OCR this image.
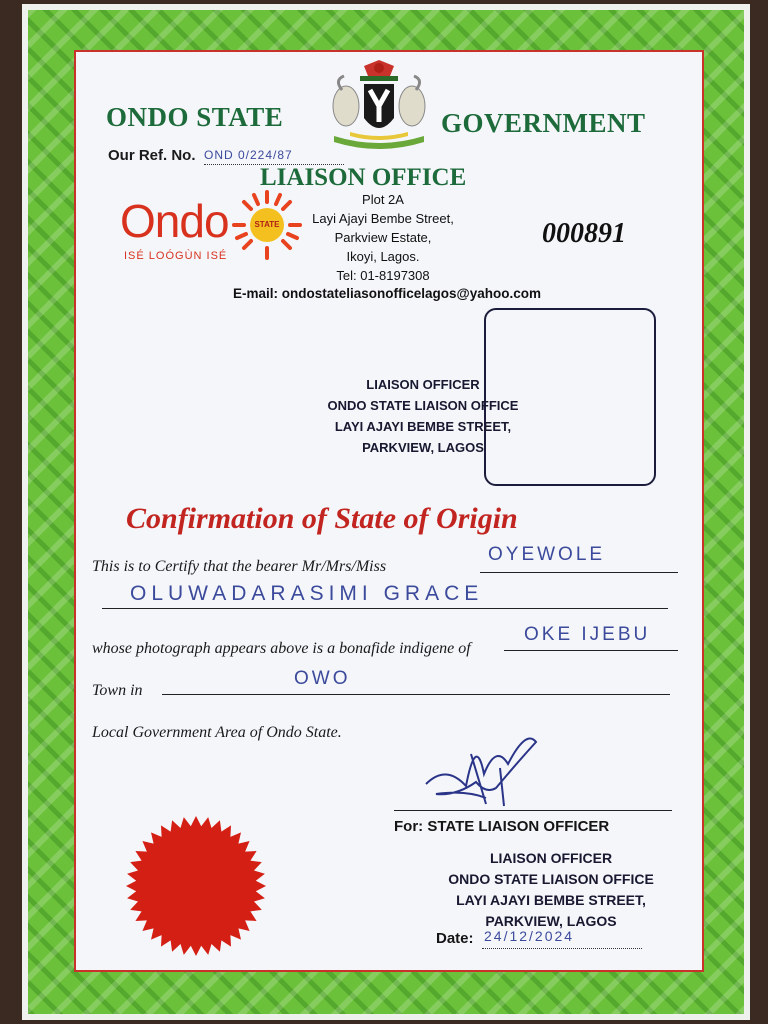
ONDO STATE	GOVERNMENT
Our Ref. No. OND 0/224/87
LIAISON OFFICE
Ondo	STATE
ISÉ LOÓGÙN ISÉ
Plot 2A
Layi Ajayi Bembe Street,
Parkview Estate,
Ikoyi, Lagos.
Tel: 01-8197308
000891
E-mail: ondostateliasonofficelagos@yahoo.com
LIAISON OFFICER
ONDO STATE LIAISON OFFICE
LAYI AJAYI BEMBE STREET,
PARKVIEW, LAGOS
Confirmation of State of Origin
This is to Certify that the bearer Mr/Mrs/Miss
OYEWOLE
OLUWADARASIMI GRACE
whose photograph appears above is a bonafide indigene of
OKE IJEBU
Town in
OWO
Local Government Area of Ondo State.
For: STATE LIAISON OFFICER
LIAISON OFFICER
ONDO STATE LIAISON OFFICE
LAYI AJAYI BEMBE STREET,
PARKVIEW, LAGOS
Date: 24/12/2024
